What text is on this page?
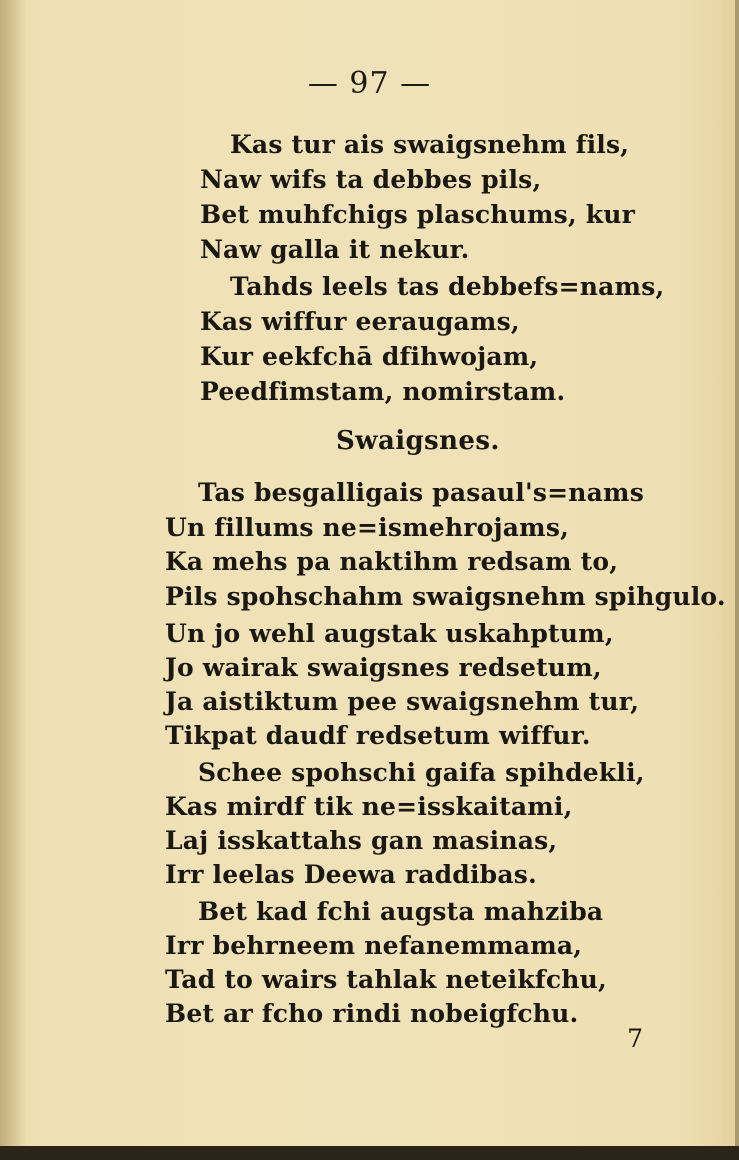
— 97 —
Kas tur ais swaigsnehm fils,
Naw wifs ta debbes pils,
Bet muhfchigs plaschums, kur
Naw galla it nekur.
Tahds leels tas debbefs=nams,
Kas wiffur eeraugams,
Kur eekfchā dfihwojam,
Peedfimstam, nomirstam.
Swaigsnes.
Tas besgalligais pasaul's=nams
Un fillums ne=ismehrojams,
Ka mehs pa naktihm redsam to,
Pils spohschahm swaigsnehm spihgulo.
Un jo wehl augstak uskahptum,
Jo wairak swaigsnes redsetum,
Ja aistiktum pee swaigsnehm tur,
Tikpat daudf redsetum wiffur.
Schee spohschi gaifa spihdekli,
Kas mirdf tik ne=isskaitami,
Laj isskattahs gan masinas,
Irr leelas Deewa raddibas.
Bet kad fchi augsta mahziba
Irr behrneem nefanemmama,
Tad to wairs tahlak neteikfchu,
Bet ar fcho rindi nobeigfchu.
7
